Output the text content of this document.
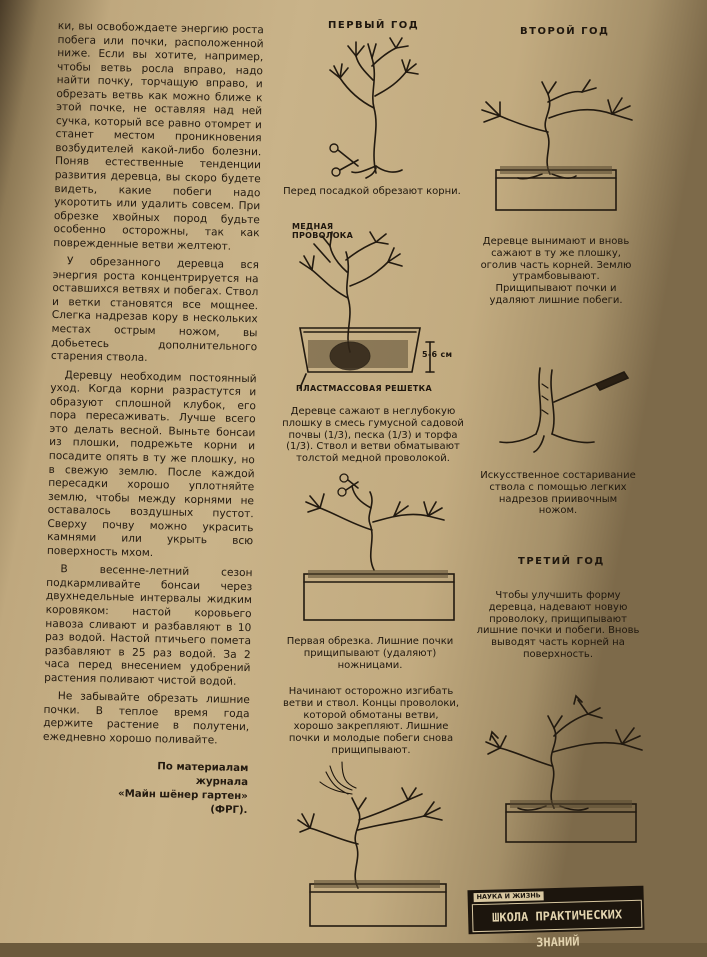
ки, вы освобождаете энергию роста побега или почки, расположенной ниже. Если вы хотите, например, чтобы ветвь росла вправо, надо найти почку, торчащую вправо, и обрезать ветвь как можно ближе к этой почке, не оставляя над ней сучка, который все равно отомрет и станет местом проникновения возбудителей какой-либо болезни. Поняв естественные тенденции развития деревца, вы скоро будете видеть, какие побеги надо укоротить или удалить совсем. При обрезке хвойных пород будьте особенно осторожны, так как поврежденные ветви желтеют.

У обрезанного деревца вся энергия роста концентрируется на оставшихся ветвях и побегах. Ствол и ветки становятся все мощнее. Слегка надрезав кору в нескольких местах острым ножом, вы добьетесь дополнительного старения ствола.

Деревцу необходим постоянный уход. Когда корни разрастутся и образуют сплошной клубок, его пора пересаживать. Лучше всего это делать весной. Выньте бонсаи из плошки, подрежьте корни и посадите опять в ту же плошку, но в свежую землю. После каждой пересадки хорошо уплотняйте землю, чтобы между корнями не оставалось воздушных пустот. Сверху почву можно украсить камнями или укрыть всю поверхность мхом.

В весенне-летний сезон подкармливайте бонсаи через двухнедельные интервалы жидким коровяком: настой коровьего навоза сливают и разбавляют в 10 раз водой. Настой птичьего помета разбавляют в 25 раз водой. За 2 часа перед внесением удобрений растения поливают чистой водой.

Не забывайте обрезать лишние почки. В теплое время года держите растение в полутени, ежедневно хорошо поливайте.

По материалам
журнала
«Майн шёнер гартен»
(ФРГ).
ПЕРВЫЙ ГОД
ВТОРОЙ ГОД
ТРЕТИЙ ГОД
Перед посадкой обрезают корни.
МЕДНАЯ ПРОВОЛОКА
5-6 см
ПЛАСТМАССОВАЯ РЕШЕТКА
Деревце сажают в неглубокую плошку в смесь гумусной садовой почвы (1/3), песка (1/3) и торфа (1/3). Ствол и ветви обматывают толстой медной проволокой.
Первая обрезка. Лишние почки прищипывают (удаляют) ножницами.
Начинают осторожно изгибать ветви и ствол. Концы проволоки, которой обмотаны ветви, хорошо закрепляют. Лишние почки и молодые побеги снова прищипывают.
Деревце вынимают и вновь сажают в ту же плошку, оголив часть корней. Землю утрамбовывают. Прищипывают почки и удаляют лишние побеги.
Искусственное состаривание ствола с помощью легких надрезов приивочным ножом.
Чтобы улучшить форму деревца, надевают новую проволоку, прищипывают лишние почки и побеги. Вновь выводят часть корней на поверхность.
НАУКА И ЖИЗНЬ
ШКОЛА ПРАКТИЧЕСКИХ ЗНАНИЙ
